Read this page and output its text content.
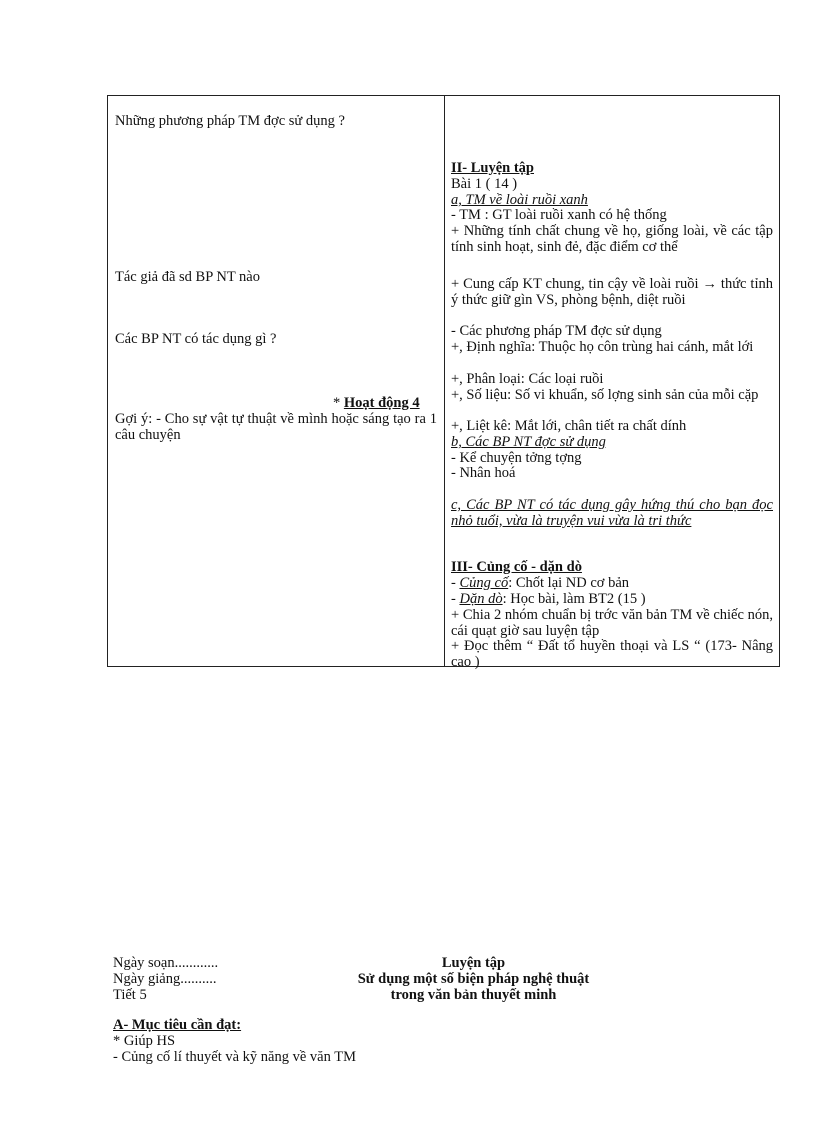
Những phương pháp TM đợc sử dụng ?
Tác giả đã sd BP NT nào
Các BP NT có tác dụng gì ?
* Hoạt động 4
Gợi ý: - Cho sự vật tự thuật về mình hoặc sáng tạo ra 1 câu chuyện
II- Luyện tập
Bài 1 ( 14 )
a, TM về loài ruồi xanh
- TM : GT loài ruồi xanh có hệ thống
+ Những tính chất chung về họ, giống loài, về các tập tính sinh hoạt, sinh đẻ, đặc điểm cơ thể
+ Cung cấp KT chung, tin cậy về loài ruồi → thức tỉnh ý thức giữ gìn VS, phòng bệnh, diệt ruồi
- Các phương pháp TM đợc sử dụng
+, Định nghĩa: Thuộc họ côn trùng hai cánh, mắt lới
+, Phân loại: Các loại ruồi
+, Số liệu: Số vi khuẩn, số lợng sinh sản của mỗi cặp
+, Liệt kê: Mắt lới, chân tiết ra chất dính
b, Các BP NT đợc sử dụng
- Kể chuyện tởng tợng
- Nhân hoá
c, Các BP NT có tác dụng gây hứng thú cho bạn đọc nhỏ tuổi, vừa là truyện vui vừa là tri thức
III- Củng cố - dặn dò
- Củng cố: Chốt lại ND cơ bản
- Dặn dò: Học bài, làm BT2 (15 )
+ Chia 2 nhóm chuẩn bị trớc văn bản TM về chiếc nón, cái quạt giờ sau luyện tập
+ Đọc thêm “ Đất tổ huyền thoại và LS “ (173- Nâng cao )
Ngày soạn............
Ngày giảng..........
Tiết 5
Luyện tập
Sử dụng một số biện pháp nghệ thuật
trong văn bản thuyết minh
A- Mục tiêu cần đạt:
* Giúp HS
- Củng cố lí thuyết và kỹ năng về văn TM
